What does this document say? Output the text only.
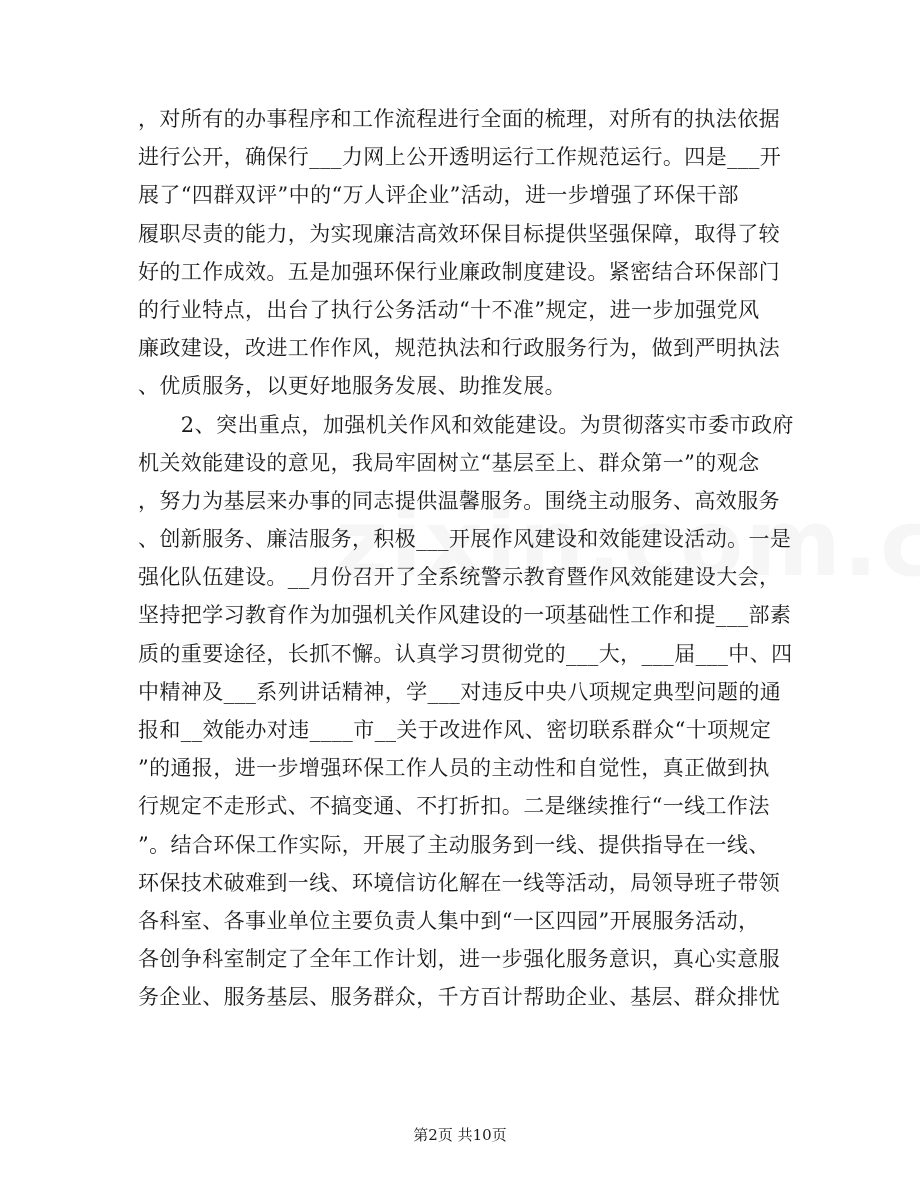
，对所有的办事程序和工作流程进行全面的梳理，对所有的执法依据
进行公开，确保行___力网上公开透明运行工作规范运行。四是___开
展了“四群双评”中的“万人评企业”活动，进一步增强了环保干部
履职尽责的能力，为实现廉洁高效环保目标提供坚强保障，取得了较
好的工作成效。五是加强环保行业廉政制度建设。紧密结合环保部门
的行业特点，出台了执行公务活动“十不准”规定，进一步加强党风
廉政建设，改进工作作风，规范执法和行政服务行为，做到严明执法
、优质服务，以更好地服务发展、助推发展。
　　2、突出重点，加强机关作风和效能建设。为贯彻落实市委市政府
机关效能建设的意见，我局牢固树立“基层至上、群众第一”的观念
，努力为基层来办事的同志提供温馨服务。围绕主动服务、高效服务
、创新服务、廉洁服务，积极___开展作风建设和效能建设活动。一是
强化队伍建设。__月份召开了全系统警示教育暨作风效能建设大会，
坚持把学习教育作为加强机关作风建设的一项基础性工作和提___部素
质的重要途径，长抓不懈。认真学习贯彻党的___大，___届___中、四
中精神及___系列讲话精神，学___对违反中央八项规定典型问题的通
报和__效能办对违____市__关于改进作风、密切联系群众“十项规定
”的通报，进一步增强环保工作人员的主动性和自觉性，真正做到执
行规定不走形式、不搞变通、不打折扣。二是继续推行“一线工作法
”。结合环保工作实际，开展了主动服务到一线、提供指导在一线、
环保技术破难到一线、环境信访化解在一线等活动，局领导班子带领
各科室、各事业单位主要负责人集中到“一区四园”开展服务活动，
各创争科室制定了全年工作计划，进一步强化服务意识，真心实意服
务企业、服务基层、服务群众，千方百计帮助企业、基层、群众排忧
第2页 共10页
